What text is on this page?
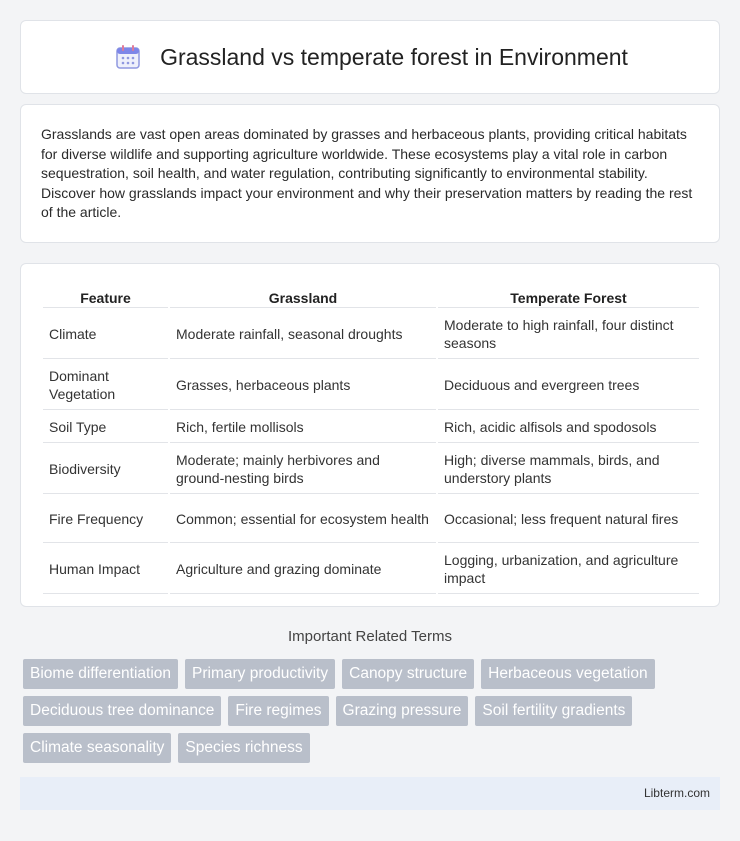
Grassland vs temperate forest in Environment

Grasslands are vast open areas dominated by grasses and herbaceous plants, providing critical habitats for diverse wildlife and supporting agriculture worldwide. These ecosystems play a vital role in carbon sequestration, soil health, and water regulation, contributing significantly to environmental stability. Discover how grasslands impact your environment and why their preservation matters by reading the rest of the article.

Feature	Grassland	Temperate Forest
Climate	Moderate rainfall, seasonal droughts	Moderate to high rainfall, four distinct seasons
Dominant Vegetation	Grasses, herbaceous plants	Deciduous and evergreen trees
Soil Type	Rich, fertile mollisols	Rich, acidic alfisols and spodosols
Biodiversity	Moderate; mainly herbivores and ground-nesting birds	High; diverse mammals, birds, and understory plants
Fire Frequency	Common; essential for ecosystem health	Occasional; less frequent natural fires
Human Impact	Agriculture and grazing dominate	Logging, urbanization, and agriculture impact
Important Related Terms
Biome differentiation	Primary productivity	Canopy structure	Herbaceous vegetation
Deciduous tree dominance	Fire regimes	Grazing pressure	Soil fertility gradients
Climate seasonality	Species richness
Libterm.com
